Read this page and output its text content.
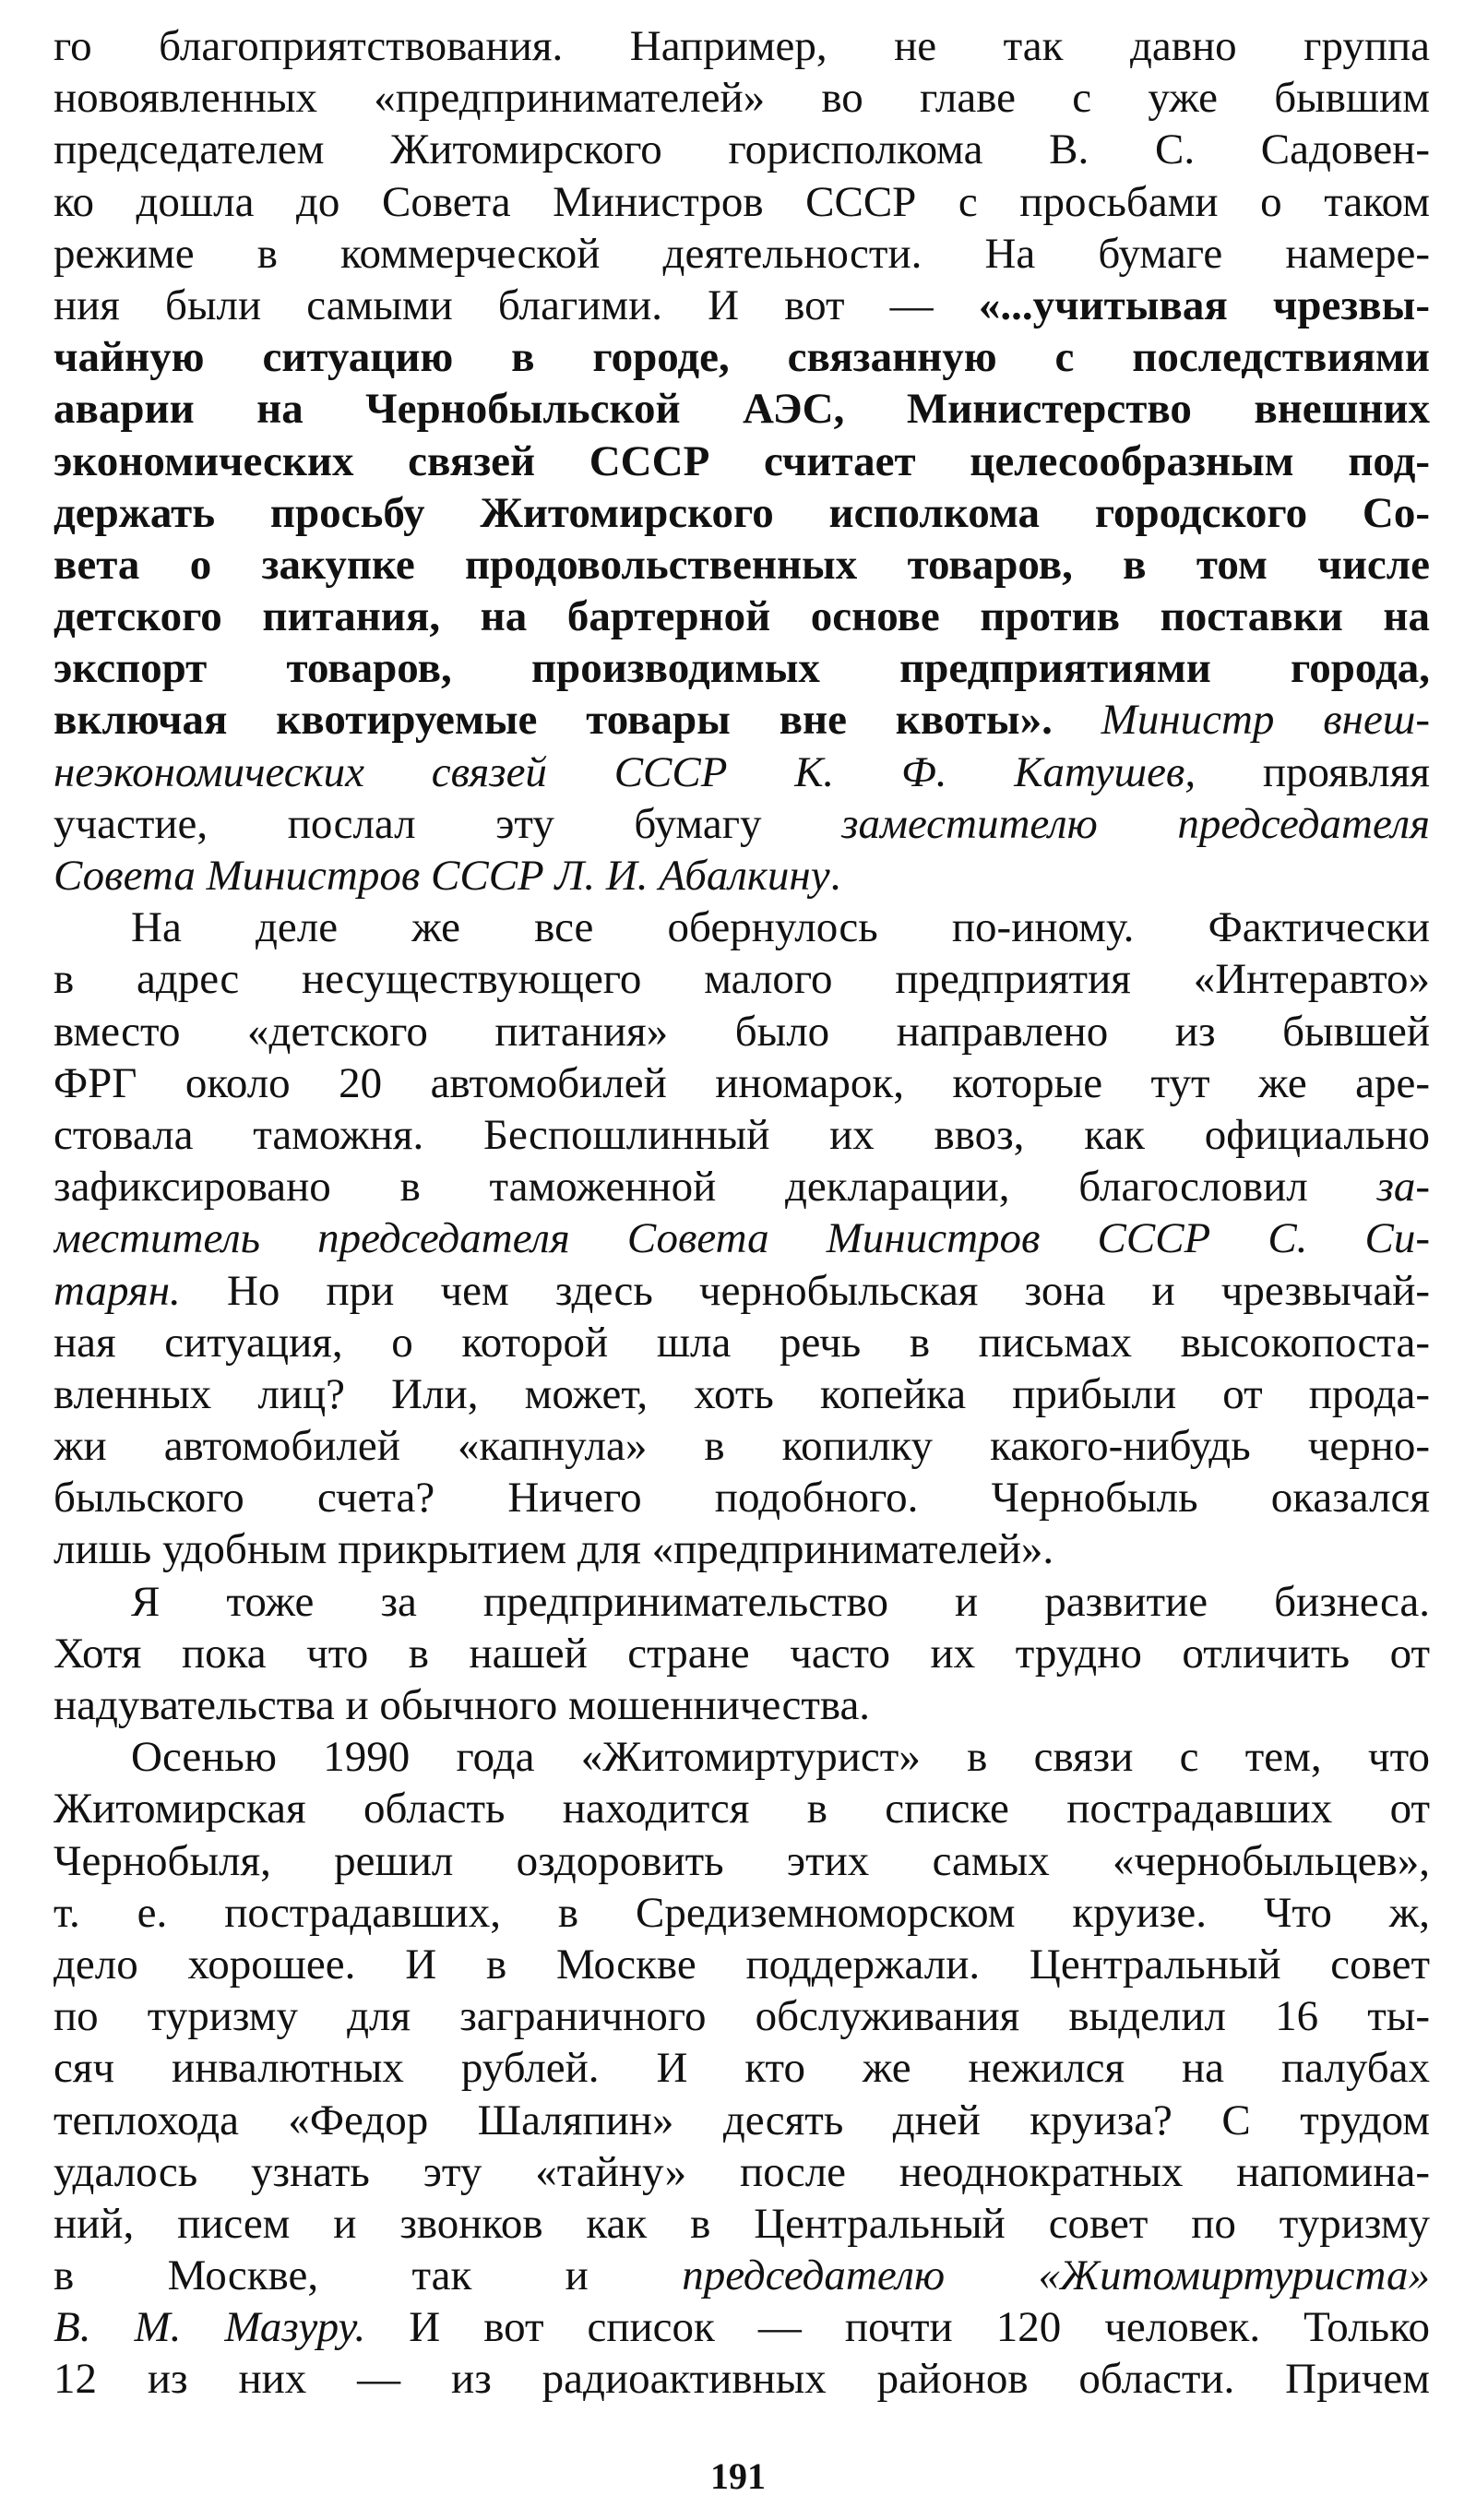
го благоприятствования. Например, не так давно группа
новоявленных «предпринимателей» во главе с уже бывшим
председателем Житомирского горисполкома В. С. Садовен-
ко дошла до Совета Министров СССР с просьбами о таком
режиме в коммерческой деятельности. На бумаге намере-
ния были самыми благими. И вот — «...учитывая чрезвы-
чайную ситуацию в городе, связанную с последствиями
аварии на Чернобыльской АЭС, Министерство внешних
экономических связей СССР считает целесообразным под-
держать просьбу Житомирского исполкома городского Со-
вета о закупке продовольственных товаров, в том числе
детского питания, на бартерной основе против поставки на
экспорт товаров, производимых предприятиями города,
включая квотируемые товары вне квоты». Министр внеш-
неэкономических связей СССР К. Ф. Катушев, проявляя
участие, послал эту бумагу заместителю председателя
Совета Министров СССР Л. И. Абалкину.
На деле же все обернулось по-иному. Фактически
в адрес несуществующего малого предприятия «Интеравто»
вместо «детского питания» было направлено из бывшей
ФРГ около 20 автомобилей иномарок, которые тут же аре-
стовала таможня. Беспошлинный их ввоз, как официально
зафиксировано в таможенной декларации, благословил за-
меститель председателя Совета Министров СССР С. Си-
тарян. Но при чем здесь чернобыльская зона и чрезвычай-
ная ситуация, о которой шла речь в письмах высокопоста-
вленных лиц? Или, может, хоть копейка прибыли от прода-
жи автомобилей «капнула» в копилку какого-нибудь черно-
быльского счета? Ничего подобного. Чернобыль оказался
лишь удобным прикрытием для «предпринимателей».
Я тоже за предпринимательство и развитие бизнеса.
Хотя пока что в нашей стране часто их трудно отличить от
надувательства и обычного мошенничества.
Осенью 1990 года «Житомиртурист» в связи с тем, что
Житомирская область находится в списке пострадавших от
Чернобыля, решил оздоровить этих самых «чернобыльцев»,
т. е. пострадавших, в Средиземноморском круизе. Что ж,
дело хорошее. И в Москве поддержали. Центральный совет
по туризму для заграничного обслуживания выделил 16 ты-
сяч инвалютных рублей. И кто же нежился на палубах
теплохода «Федор Шаляпин» десять дней круиза? С трудом
удалось узнать эту «тайну» после неоднократных напомина-
ний, писем и звонков как в Центральный совет по туризму
в Москве, так и председателю «Житомиртуриста»
В. М. Мазуру. И вот список — почти 120 человек. Только
12 из них — из радиоактивных районов области. Причем
191
